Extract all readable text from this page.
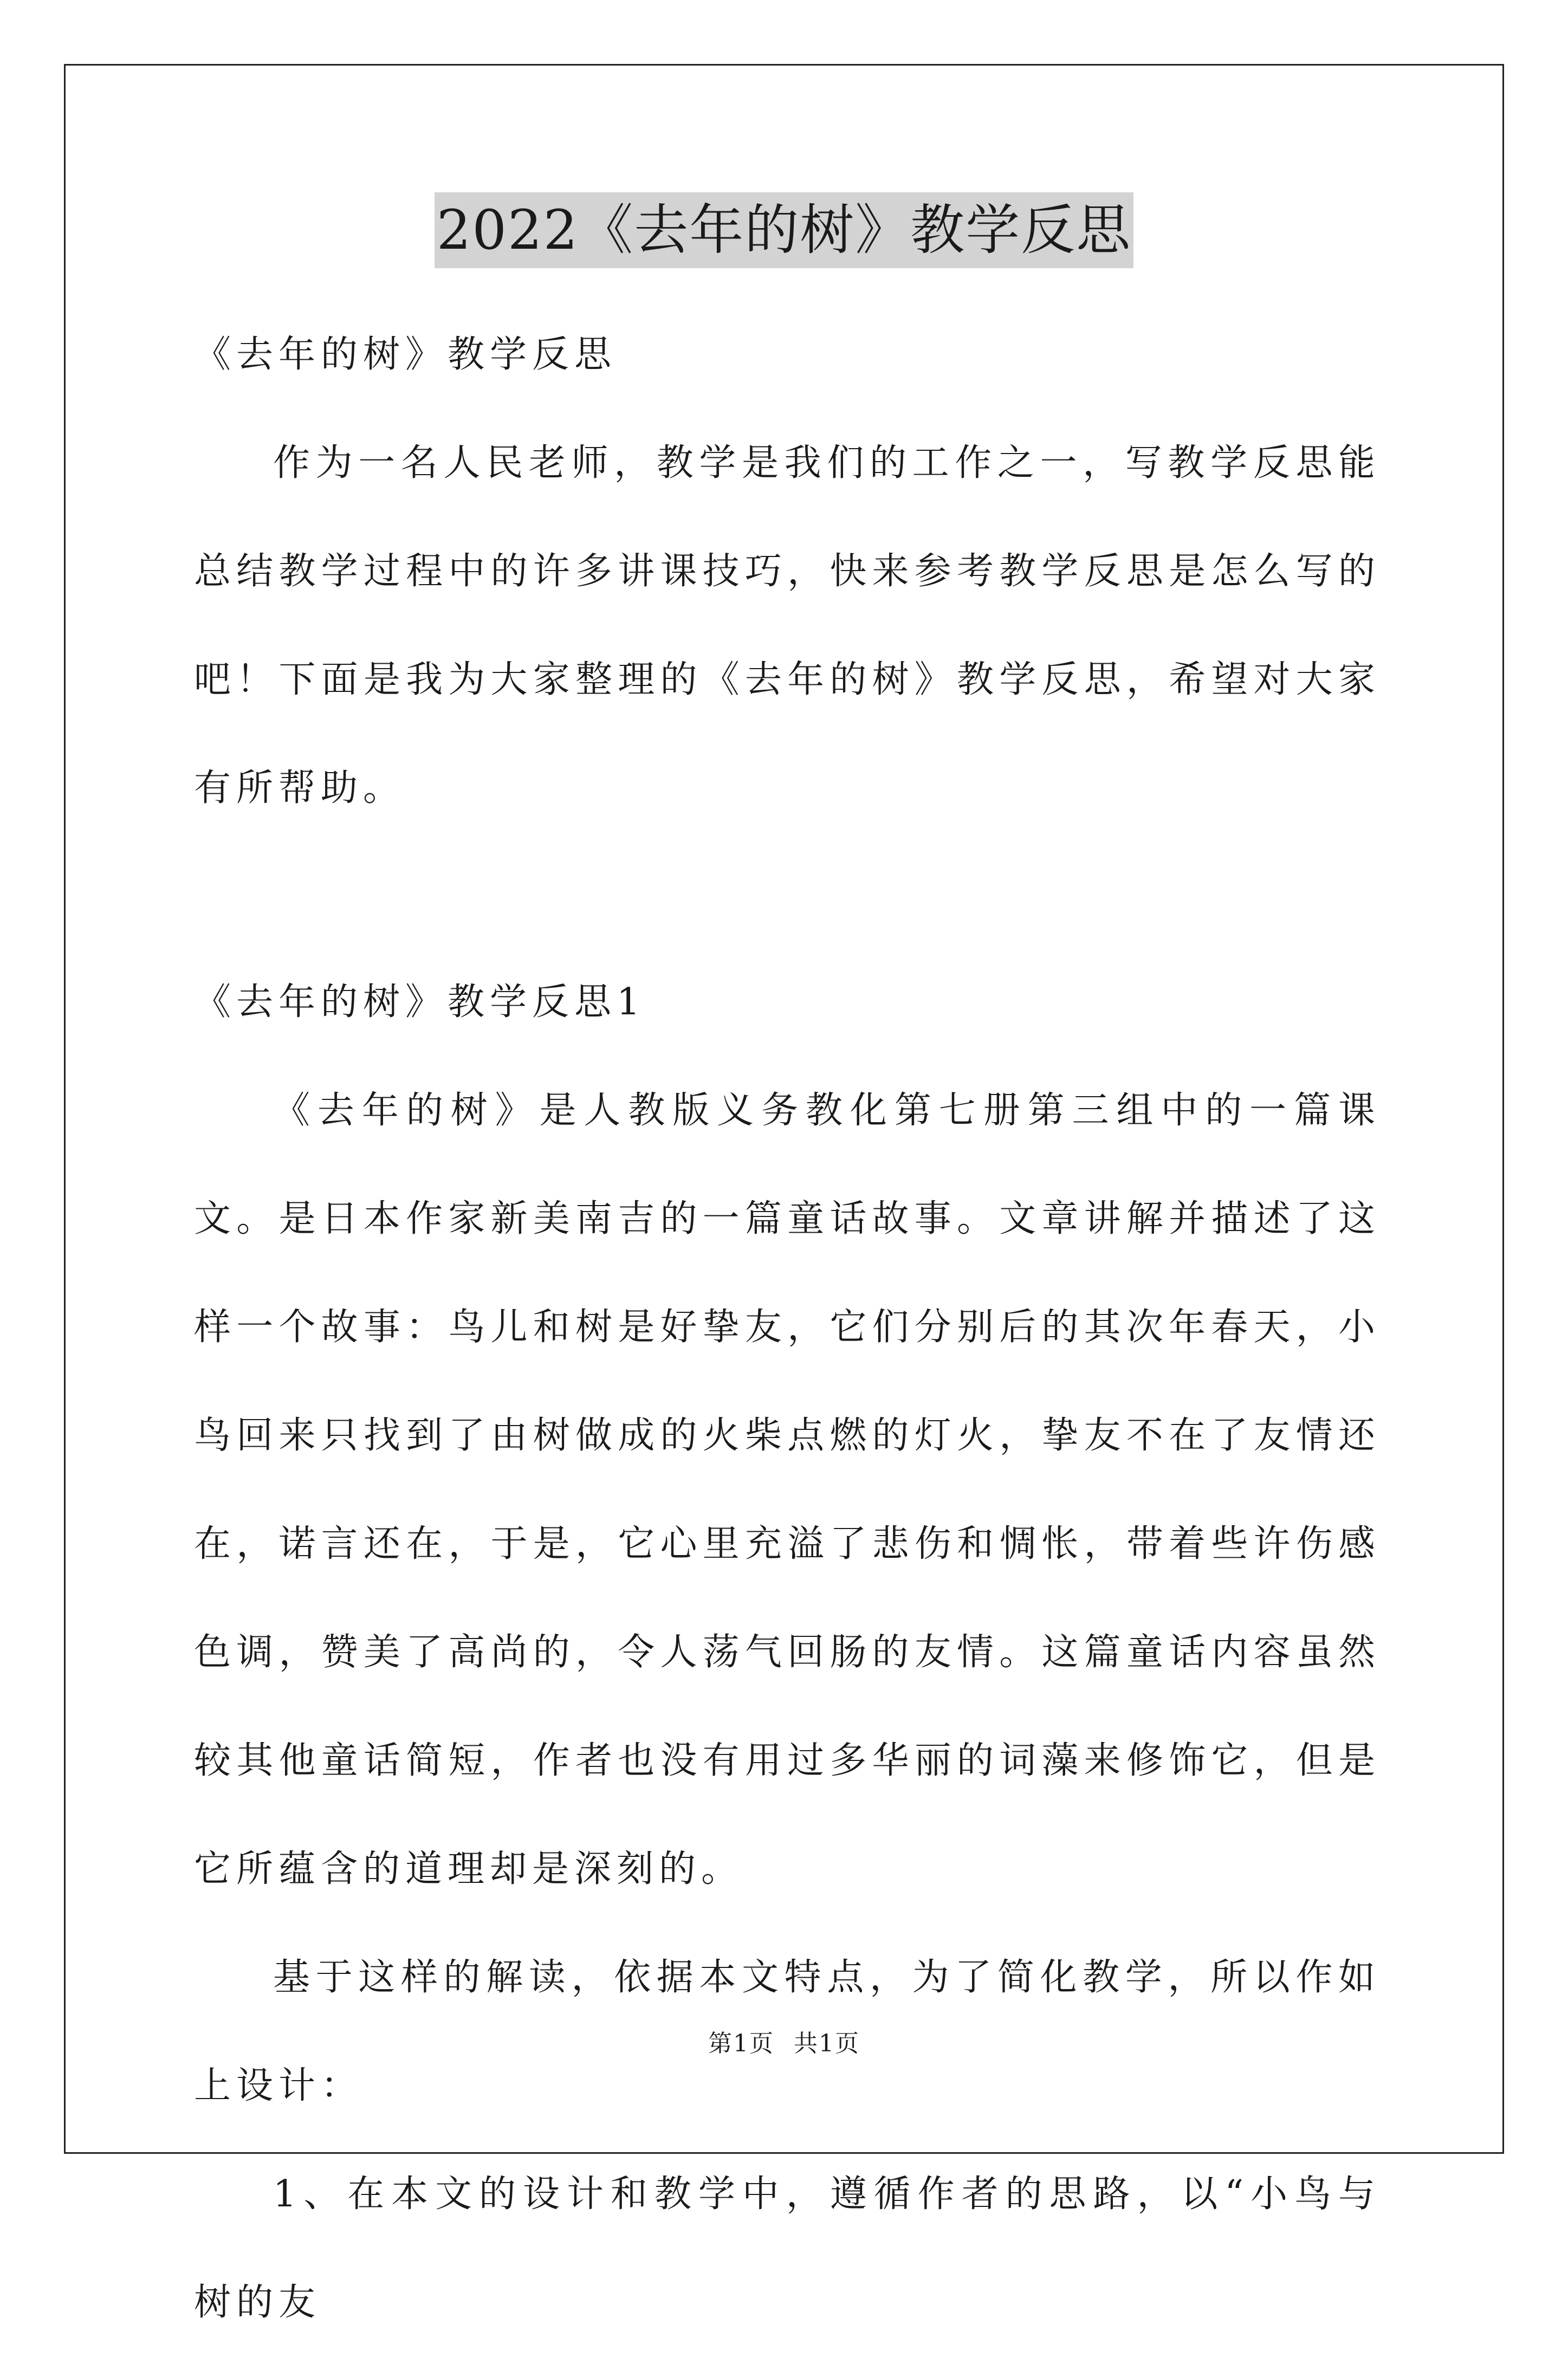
2022《去年的树》教学反思

《去年的树》教学反思

作为一名人民老师，教学是我们的工作之一，写教学反思能总结教学过程中的许多讲课技巧，快来参考教学反思是怎么写的吧！下面是我为大家整理的《去年的树》教学反思，希望对大家有所帮助。

《去年的树》教学反思1

《去年的树》是人教版义务教化第七册第三组中的一篇课文。是日本作家新美南吉的一篇童话故事。文章讲解并描述了这样一个故事：鸟儿和树是好挚友，它们分别后的其次年春天，小鸟回来只找到了由树做成的火柴点燃的灯火，挚友不在了友情还在，诺言还在，于是，它心里充溢了悲伤和惆怅，带着些许伤感色调，赞美了高尚的，令人荡气回肠的友情。这篇童话内容虽然较其他童话简短，作者也没有用过多华丽的词藻来修饰它，但是它所蕴含的道理却是深刻的。

基于这样的解读，依据本文特点，为了简化教学，所以作如上设计：

1、在本文的设计和教学中，遵循作者的思路，以“小鸟与树的友

第1页 共1页
